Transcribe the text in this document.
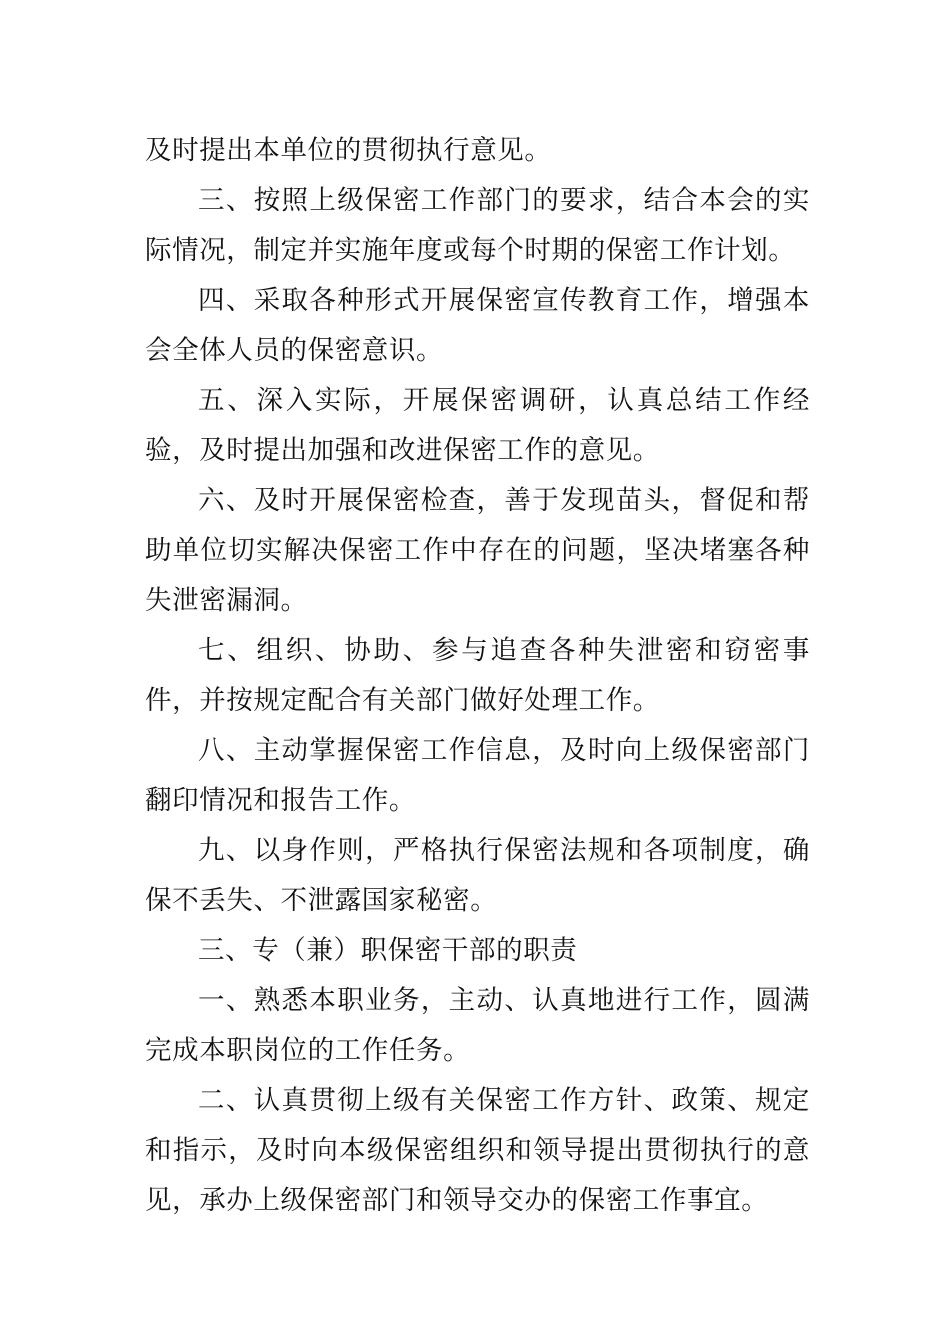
及时提出本单位的贯彻执行意见。

三、按照上级保密工作部门的要求，结合本会的实际情况，制定并实施年度或每个时期的保密工作计划。

四、采取各种形式开展保密宣传教育工作，增强本会全体人员的保密意识。

五、深入实际，开展保密调研，认真总结工作经验，及时提出加强和改进保密工作的意见。

六、及时开展保密检查，善于发现苗头，督促和帮助单位切实解决保密工作中存在的问题，坚决堵塞各种失泄密漏洞。

七、组织、协助、参与追查各种失泄密和窃密事件，并按规定配合有关部门做好处理工作。

八、主动掌握保密工作信息，及时向上级保密部门翻印情况和报告工作。

九、以身作则，严格执行保密法规和各项制度，确保不丢失、不泄露国家秘密。

三、专（兼）职保密干部的职责

一、熟悉本职业务，主动、认真地进行工作，圆满完成本职岗位的工作任务。

二、认真贯彻上级有关保密工作方针、政策、规定和指示，及时向本级保密组织和领导提出贯彻执行的意见，承办上级保密部门和领导交办的保密工作事宜。
